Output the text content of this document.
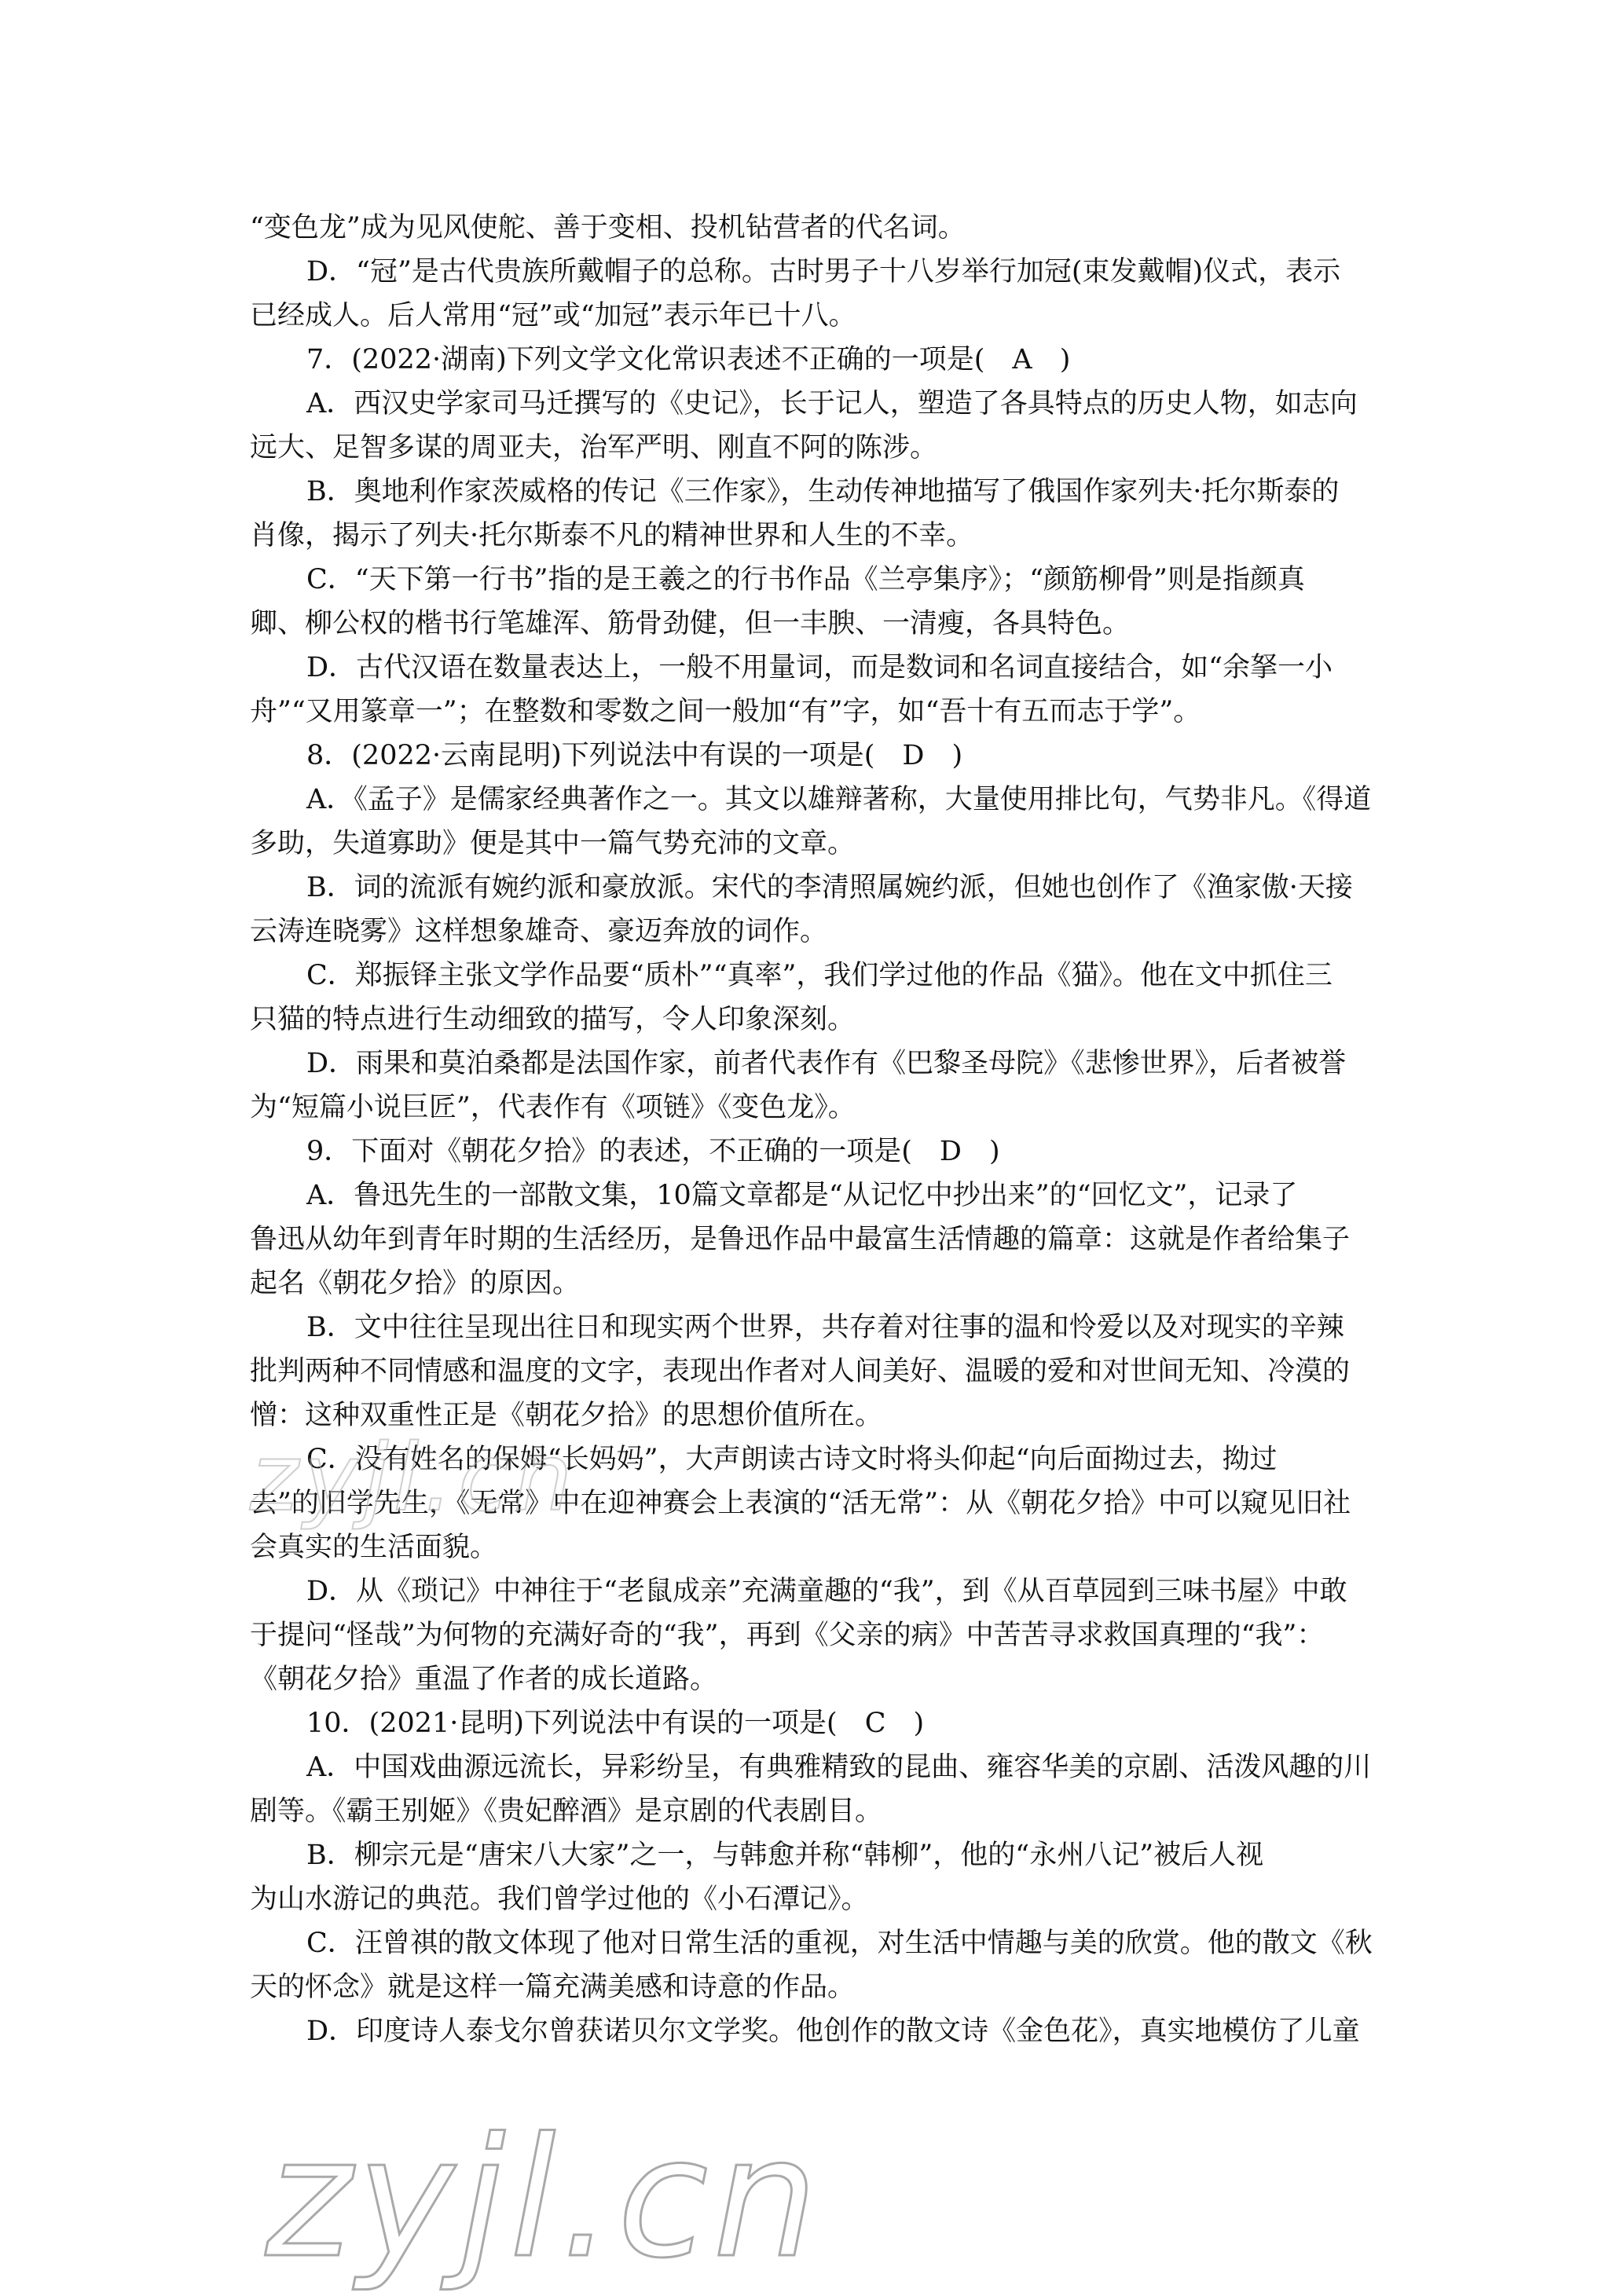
“变色龙”成为见风使舵、善于变相、投机钻营者的代名词。
D．“冠”是古代贵族所戴帽子的总称。古时男子十八岁举行加冠(束发戴帽)仪式，表示
已经成人。后人常用“冠”或“加冠”表示年已十八。
7．(2022·湖南)下列文学文化常识表述不正确的一项是(　A　)
A．西汉史学家司马迁撰写的《史记》，长于记人，塑造了各具特点的历史人物，如志向
远大、足智多谋的周亚夫，治军严明、刚直不阿的陈涉。
B．奥地利作家茨威格的传记《三作家》，生动传神地描写了俄国作家列夫·托尔斯泰的
肖像，揭示了列夫·托尔斯泰不凡的精神世界和人生的不幸。
C．“天下第一行书”指的是王羲之的行书作品《兰亭集序》；“颜筋柳骨”则是指颜真
卿、柳公权的楷书行笔雄浑、筋骨劲健，但一丰腴、一清瘦，各具特色。
D．古代汉语在数量表达上，一般不用量词，而是数词和名词直接结合，如“余拏一小
舟”“又用篆章一”；在整数和零数之间一般加“有”字，如“吾十有五而志于学”。
8．(2022·云南昆明)下列说法中有误的一项是(　D　)
A．《孟子》是儒家经典著作之一。其文以雄辩著称，大量使用排比句，气势非凡。《得道
多助，失道寡助》便是其中一篇气势充沛的文章。
B．词的流派有婉约派和豪放派。宋代的李清照属婉约派，但她也创作了《渔家傲·天接
云涛连晓雾》这样想象雄奇、豪迈奔放的词作。
C．郑振铎主张文学作品要“质朴”“真率”，我们学过他的作品《猫》。他在文中抓住三
只猫的特点进行生动细致的描写，令人印象深刻。
D．雨果和莫泊桑都是法国作家，前者代表作有《巴黎圣母院》《悲惨世界》，后者被誉
为“短篇小说巨匠”，代表作有《项链》《变色龙》。
9．下面对《朝花夕拾》的表述，不正确的一项是(　D　)
A．鲁迅先生的一部散文集，10篇文章都是“从记忆中抄出来”的“回忆文”，记录了
鲁迅从幼年到青年时期的生活经历，是鲁迅作品中最富生活情趣的篇章：这就是作者给集子
起名《朝花夕拾》的原因。
B．文中往往呈现出往日和现实两个世界，共存着对往事的温和怜爱以及对现实的辛辣
批判两种不同情感和温度的文字，表现出作者对人间美好、温暖的爱和对世间无知、冷漠的
憎：这种双重性正是《朝花夕拾》的思想价值所在。
C．没有姓名的保姆“长妈妈”，大声朗读古诗文时将头仰起“向后面拗过去，拗过
去”的旧学先生，《无常》中在迎神赛会上表演的“活无常”：从《朝花夕拾》中可以窥见旧社
会真实的生活面貌。
D．从《琐记》中神往于“老鼠成亲”充满童趣的“我”，到《从百草园到三味书屋》中敢
于提问“怪哉”为何物的充满好奇的“我”，再到《父亲的病》中苦苦寻求救国真理的“我”：
《朝花夕拾》重温了作者的成长道路。
10．(2021·昆明)下列说法中有误的一项是(　C　)
A．中国戏曲源远流长，异彩纷呈，有典雅精致的昆曲、雍容华美的京剧、活泼风趣的川
剧等。《霸王别姬》《贵妃醉酒》是京剧的代表剧目。
B．柳宗元是“唐宋八大家”之一，与韩愈并称“韩柳”，他的“永州八记”被后人视
为山水游记的典范。我们曾学过他的《小石潭记》。
C．汪曾祺的散文体现了他对日常生活的重视，对生活中情趣与美的欣赏。他的散文《秋
天的怀念》就是这样一篇充满美感和诗意的作品。
D．印度诗人泰戈尔曾获诺贝尔文学奖。他创作的散文诗《金色花》，真实地模仿了儿童
zyjl.cn
zyjl.cn
